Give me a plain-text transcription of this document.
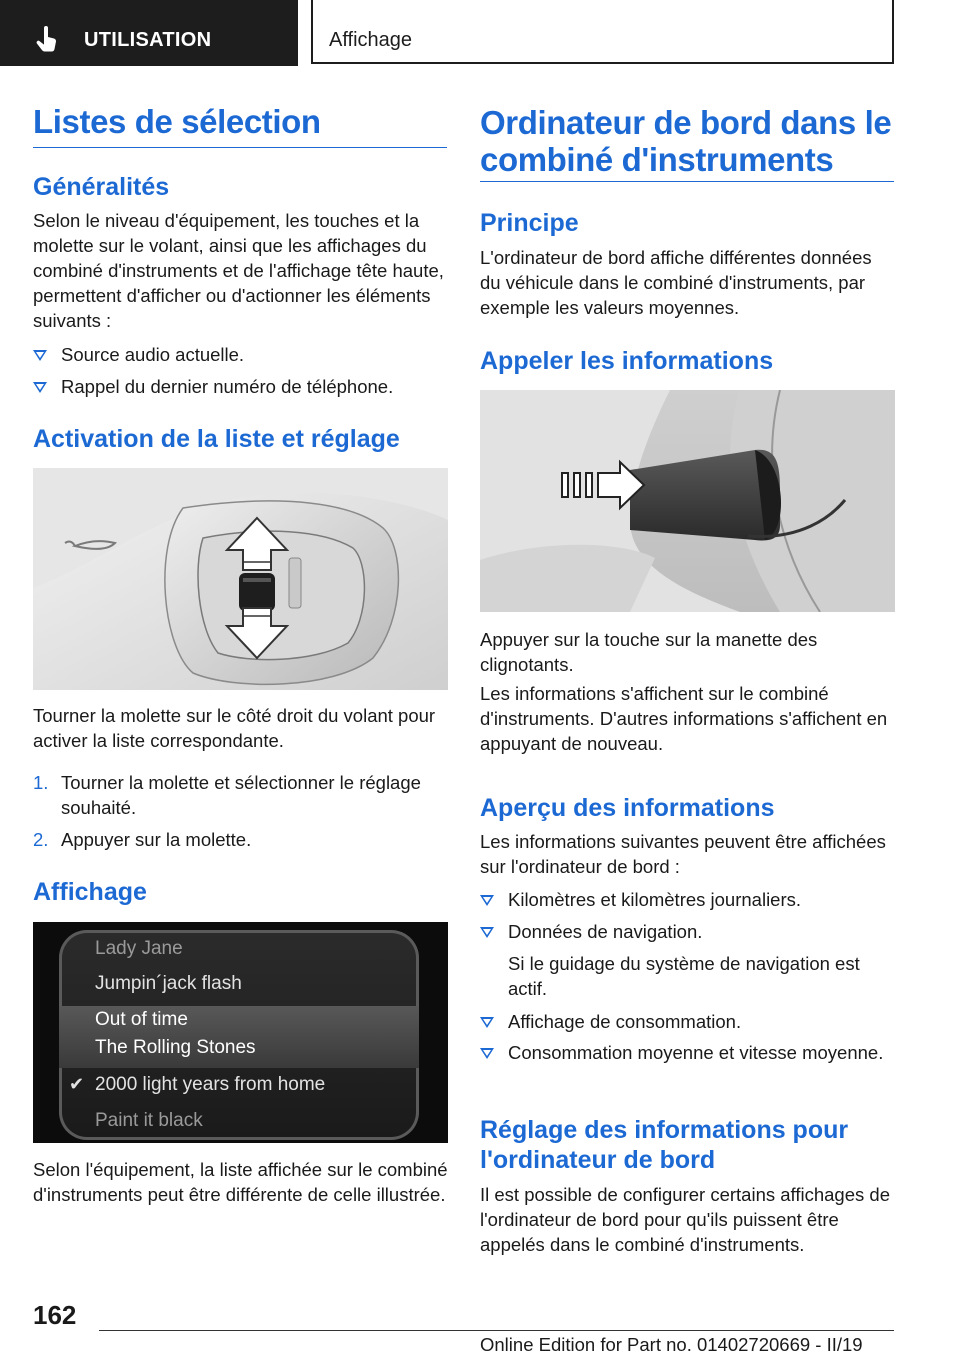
UTILISATION	Affichage
Listes de sélection
Généralités
Selon le niveau d'équipement, les touches et la molette sur le volant, ainsi que les affichages du combiné d'instruments et de l'affichage tête haute, permettent d'afficher ou d'actionner les éléments suivants :
Source audio actuelle.
Rappel du dernier numéro de téléphone.
Activation de la liste et réglage
Tourner la molette sur le côté droit du volant pour activer la liste correspondante.
1. Tourner la molette et sélectionner le réglage souhaité.
2. Appuyer sur la molette.
Affichage
Lady Jane
Jumpin´jack flash
Out of time
The Rolling Stones
✔ 2000 light years from home
Paint it black
Selon l'équipement, la liste affichée sur le combiné d'instruments peut être différente de celle illustrée.
Ordinateur de bord dans le combiné d'instruments
Principe
L'ordinateur de bord affiche différentes données du véhicule dans le combiné d'instruments, par exemple les valeurs moyennes.
Appeler les informations
Appuyer sur la touche sur la manette des clignotants.
Les informations s'affichent sur le combiné d'instruments. D'autres informations s'affichent en appuyant de nouveau.
Aperçu des informations
Les informations suivantes peuvent être affichées sur l'ordinateur de bord :
Kilomètres et kilomètres journaliers.
Données de navigation.
Si le guidage du système de navigation est actif.
Affichage de consommation.
Consommation moyenne et vitesse moyenne.
Réglage des informations pour l'ordinateur de bord
Il est possible de configurer certains affichages de l'ordinateur de bord pour qu'ils puissent être appelés dans le combiné d'instruments.
162
Online Edition for Part no. 01402720669 - II/19
